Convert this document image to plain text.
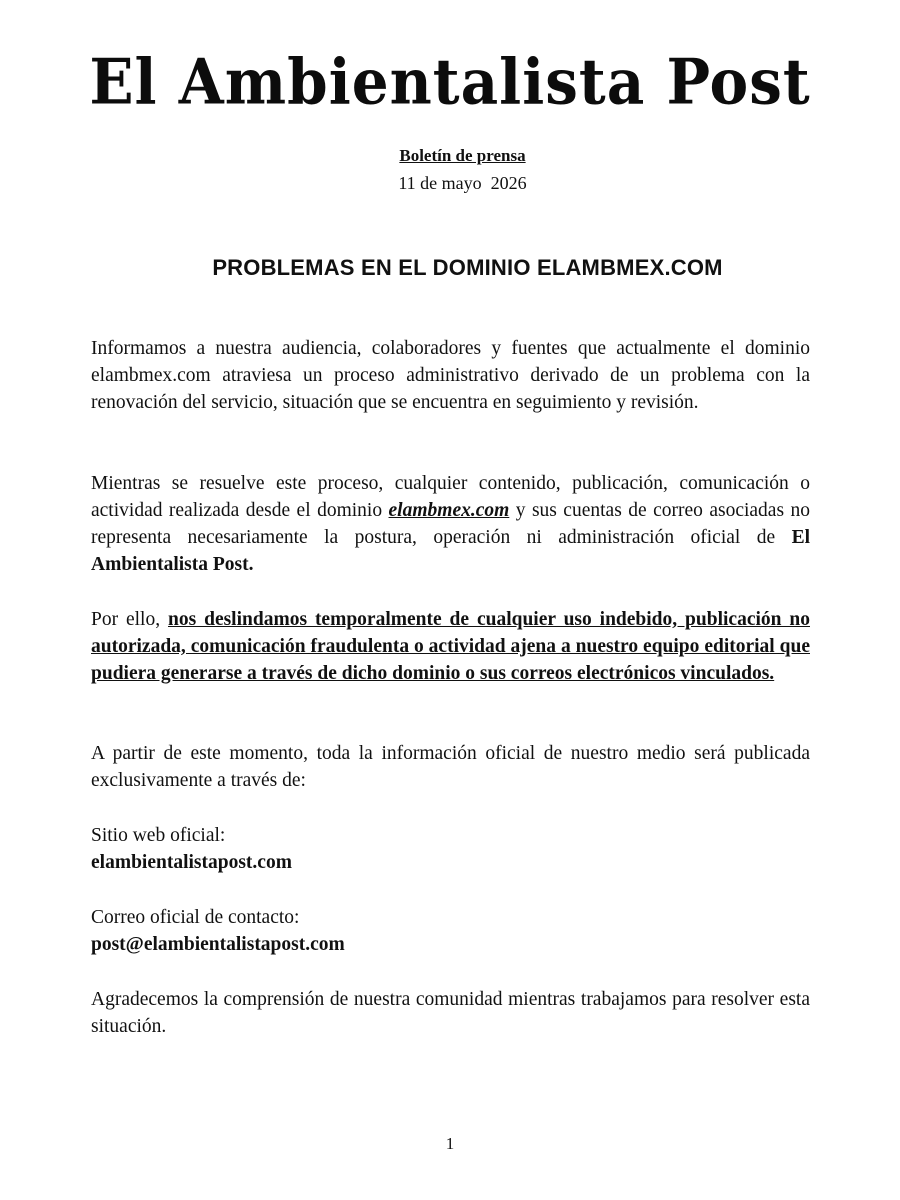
El Ambientalista Post
Boletín de prensa
11 de mayo  2026
PROBLEMAS EN EL DOMINIO ELAMBMEX.COM
Informamos a nuestra audiencia, colaboradores y fuentes que actualmente el dominio elambmex.com atraviesa un proceso administrativo derivado de un problema con la renovación del servicio, situación que se encuentra en seguimiento y revisión.
Mientras se resuelve este proceso, cualquier contenido, publicación, comunicación o actividad realizada desde el dominio elambmex.com y sus cuentas de correo asociadas no representa necesariamente la postura, operación ni administración oficial de El Ambientalista Post.
Por ello, nos deslindamos temporalmente de cualquier uso indebido, publicación no autorizada, comunicación fraudulenta o actividad ajena a nuestro equipo editorial que pudiera generarse a través de dicho dominio o sus correos electrónicos vinculados.
A partir de este momento, toda la información oficial de nuestro medio será publicada exclusivamente a través de:
Sitio web oficial:
elambientalistapost.com
Correo oficial de contacto:
post@elambientalistapost.com
Agradecemos la comprensión de nuestra comunidad mientras trabajamos para resolver esta situación.
1
